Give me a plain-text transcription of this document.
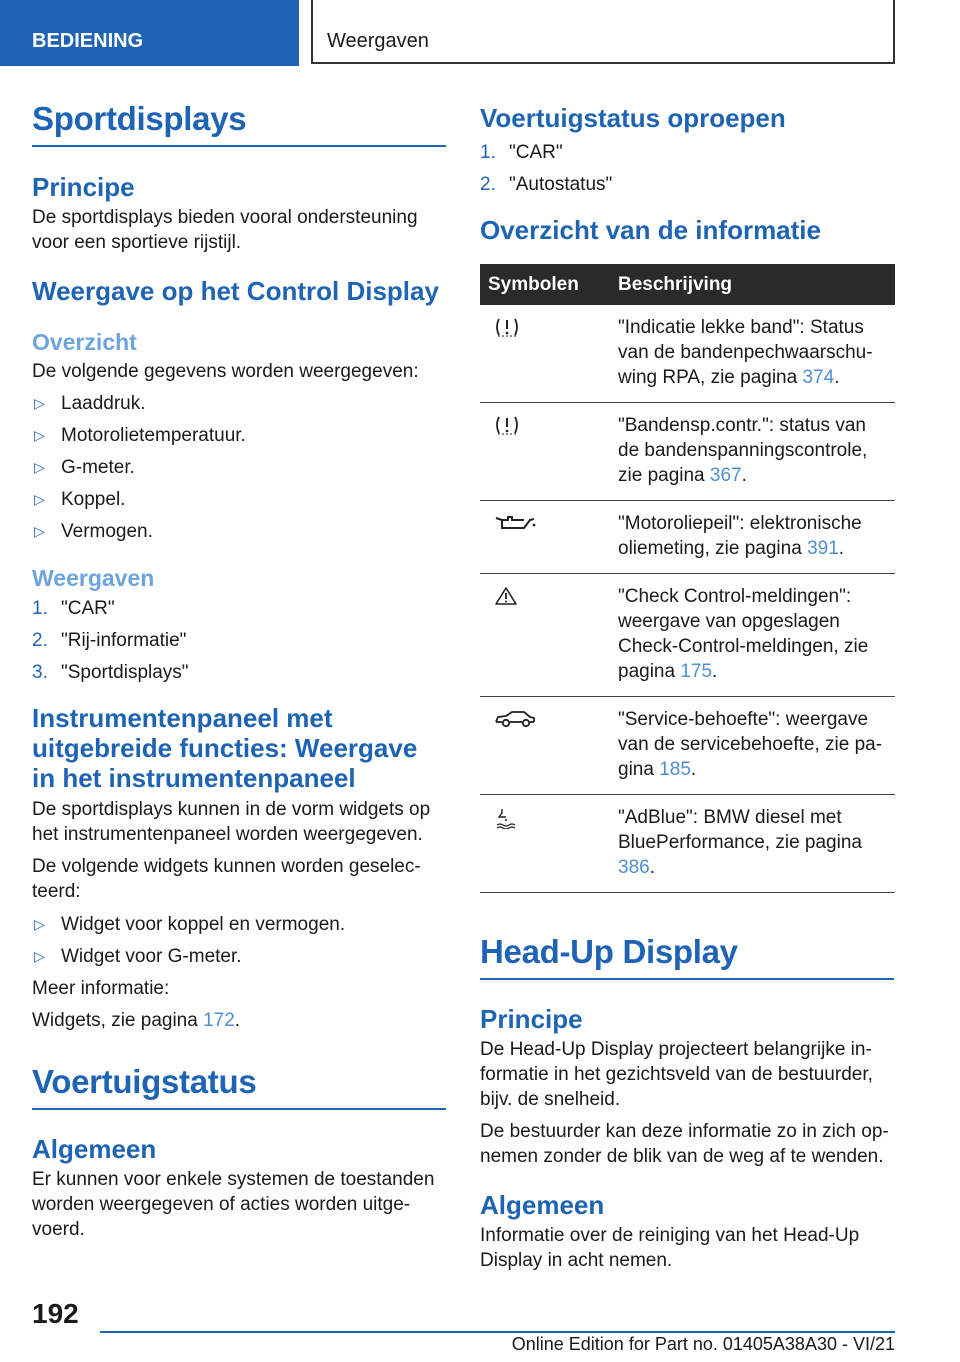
BEDIENING	Weergaven
Sportdisplays
Principe

De sportdisplays bieden vooral ondersteuning voor een sportieve rijstijl.

Weergave op het Control Display
Overzicht

De volgende gegevens worden weergegeven:

▷ Laaddruk.
▷ Motorolietemperatuur.
▷ G-meter.
▷ Koppel.
▷ Vermogen.
Weergaven
1. "CAR"
2. "Rij-informatie"
3. "Sportdisplays"
Instrumentenpaneel met uitgebreide functies: Weergave in het instrumentenpaneel

De sportdisplays kunnen in de vorm widgets op het instrumentenpaneel worden weergegeven.

De volgende widgets kunnen worden geselecteerd:

▷ Widget voor koppel en vermogen.
▷ Widget voor G-meter.

Meer informatie:

Widgets, zie pagina 172.

Voertuigstatus
Algemeen

Er kunnen voor enkele systemen de toestanden worden weergegeven of acties worden uitgevoerd.

Voertuigstatus oproepen
1. "CAR"
2. "Autostatus"
Overzicht van de informatie
Symbolen	Beschrijving

	"Indicatie lekke band": Status van de bandenpechwaarschuwing RPA, zie pagina 374.

	"Bandensp.contr.": status van de bandenspanningscontrole, zie pagina 367.

	"Motoroliepeil": elektronische oliemeting, zie pagina 391.

	"Check Control-meldingen": weergave van opgeslagen Check-Control-meldingen, zie pagina 175.

	"Service-behoefte": weergave van de servicebehoefte, zie pagina 185.

	"AdBlue": BMW diesel met BluePerformance, zie pagina 386.
Head-Up Display
Principe

De Head-Up Display projecteert belangrijke informatie in het gezichtsveld van de bestuurder, bijv. de snelheid.

De bestuurder kan deze informatie zo in zich opnemen zonder de blik van de weg af te wenden.

Algemeen

Informatie over de reiniging van het Head-Up Display in acht nemen.

192
Online Edition for Part no. 01405A38A30 - VI/21
